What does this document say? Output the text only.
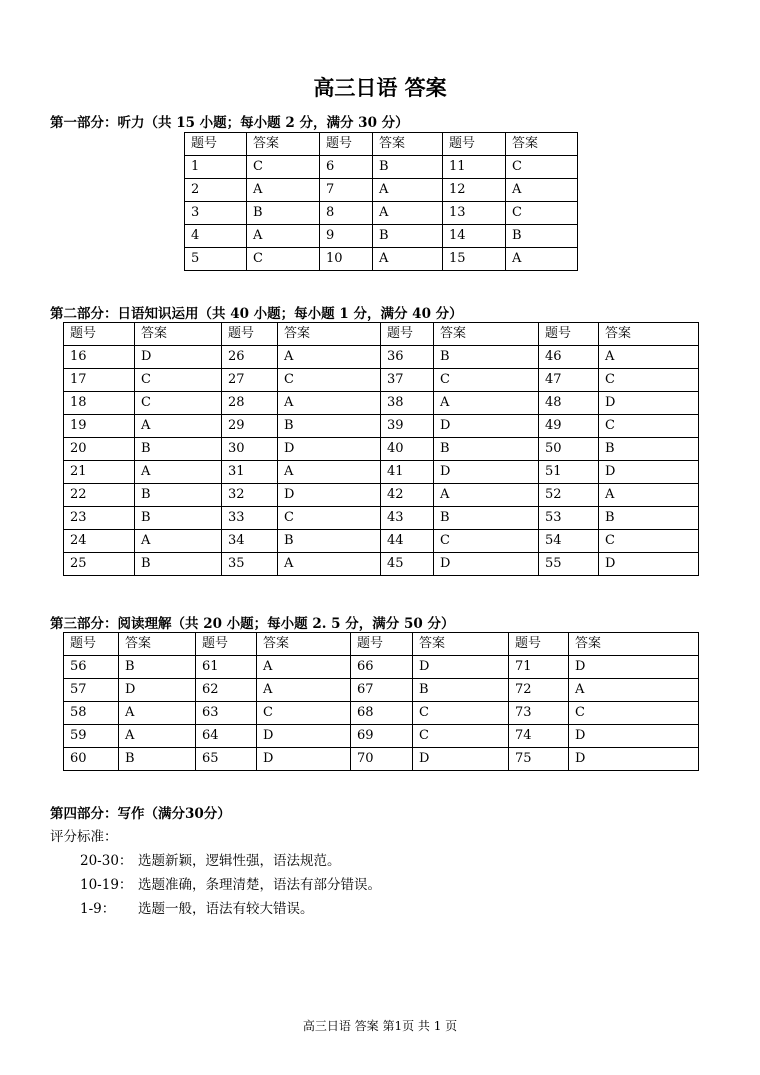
高三日语 答案
第一部分：听力（共 15 小题；每小题 2 分，满分 30 分）
题号	答案	题号	答案	题号	答案
1	C	6	B	11	C
2	A	7	A	12	A
3	B	8	A	13	C
4	A	9	B	14	B
5	C	10	A	15	A
第二部分：日语知识运用（共 40 小题；每小题 1 分，满分 40 分）
题号	答案	题号	答案	题号	答案	题号	答案
16	D	26	A	36	B	46	A
17	C	27	C	37	C	47	C
18	C	28	A	38	A	48	D
19	A	29	B	39	D	49	C
20	B	30	D	40	B	50	B
21	A	31	A	41	D	51	D
22	B	32	D	42	A	52	A
23	B	33	C	43	B	53	B
24	A	34	B	44	C	54	C
25	B	35	A	45	D	55	D
第三部分：阅读理解（共 20 小题；每小题 2. 5 分，满分 50 分）
题号	答案	题号	答案	题号	答案	题号	答案
56	B	61	A	66	D	71	D
57	D	62	A	67	B	72	A
58	A	63	C	68	C	73	C
59	A	64	D	69	C	74	D
60	B	65	D	70	D	75	D
第四部分：写作（满分30分）
评分标准：
20-30： 选题新颖，逻辑性强，语法规范。
10-19： 选题准确，条理清楚，语法有部分错误。
1-9： 选题一般，语法有较大错误。
高三日语 答案 第1页 共 1 页
